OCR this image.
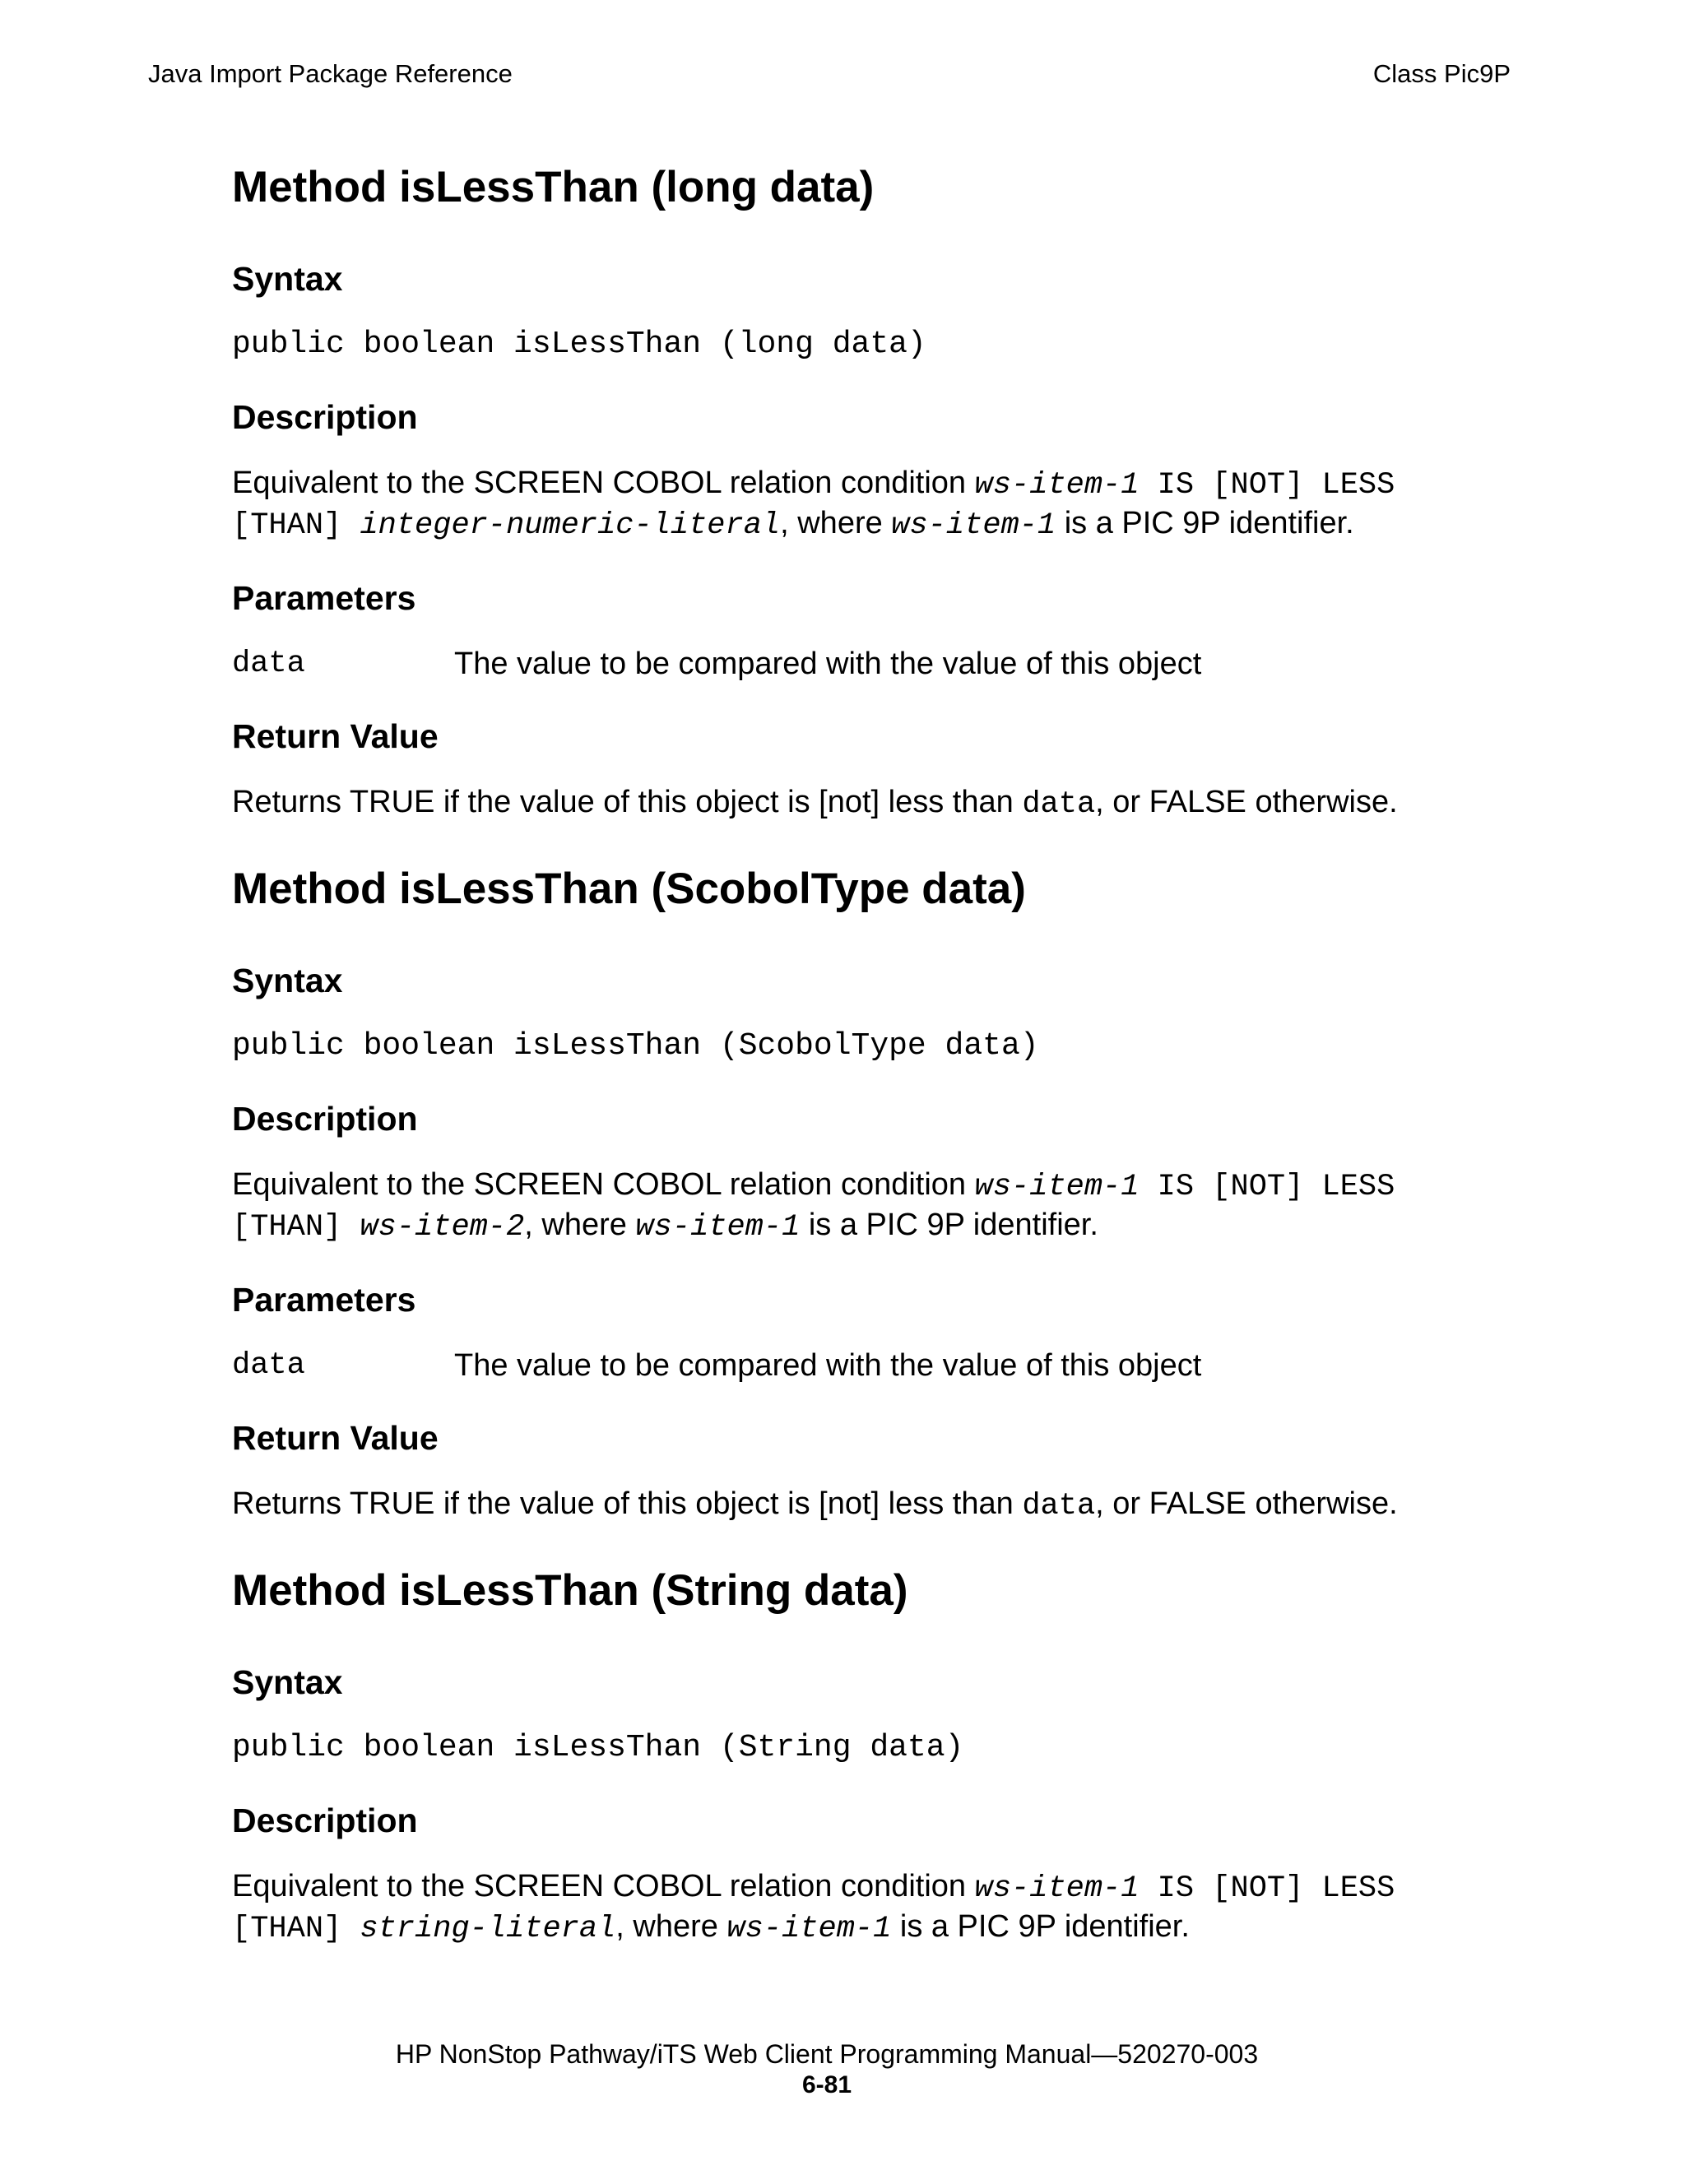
Java Import Package Reference	Class Pic9P
Method isLessThan (long data)
Syntax
public boolean isLessThan (long data)
Description

Equivalent to the SCREEN COBOL relation condition ws-item-1 IS [NOT] LESS
[THAN] integer-numeric-literal, where ws-item-1 is a PIC 9P identifier.

Parameters
data	The value to be compared with the value of this object
Return Value

Returns TRUE if the value of this object is [not] less than data, or FALSE otherwise.

Method isLessThan (ScobolType data)
Syntax
public boolean isLessThan (ScobolType data)
Description

Equivalent to the SCREEN COBOL relation condition ws-item-1 IS [NOT] LESS
[THAN] ws-item-2, where ws-item-1 is a PIC 9P identifier.

Parameters
data	The value to be compared with the value of this object
Return Value

Returns TRUE if the value of this object is [not] less than data, or FALSE otherwise.

Method isLessThan (String data)
Syntax
public boolean isLessThan (String data)
Description

Equivalent to the SCREEN COBOL relation condition ws-item-1 IS [NOT] LESS
[THAN] string-literal, where ws-item-1 is a PIC 9P identifier.

HP NonStop Pathway/iTS Web Client Programming Manual—520270-003
6-81
